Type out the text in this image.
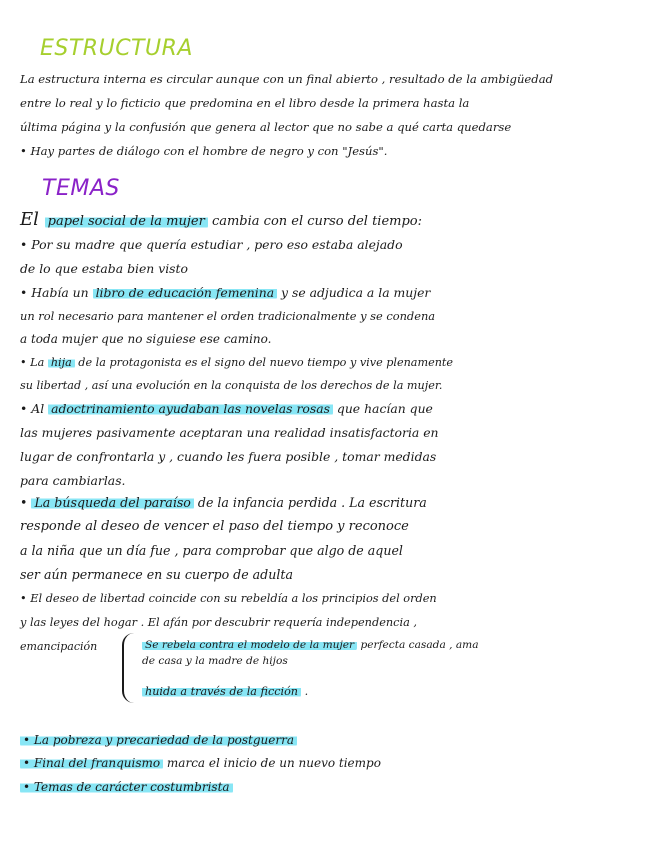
ESTRUCTURA
La estructura interna es circular aunque con un final abierto , resultado de la ambigüedad
entre lo real y lo ficticio que predomina en el libro desde la primera hasta la
última página y la confusión que genera al lector que no sabe a qué carta quedarse
• Hay partes de diálogo con el hombre de negro y con "Jesús".
TEMAS
El papel social de la mujer cambia con el curso del tiempo:
• Por su madre que quería estudiar , pero eso estaba alejado
de lo que estaba bien visto
• Había un libro de educación femenina y se adjudica a la mujer
un rol necesario para mantener el orden tradicionalmente y se condena
a toda mujer que no siguiese ese camino.
• La hija de la protagonista es el signo del nuevo tiempo y vive plenamente
su libertad , así una evolución en la conquista de los derechos de la mujer.
• Al adoctrinamiento ayudaban las novelas rosas que hacían que
las mujeres pasivamente aceptaran una realidad insatisfactoria en
lugar de confrontarla y , cuando les fuera posible , tomar medidas
para cambiarlas.
• La búsqueda del paraíso de la infancia perdida . La escritura
responde al deseo de vencer el paso del tiempo y reconoce
a la niña que un día fue , para comprobar que algo de aquel
ser aún permanece en su cuerpo de adulta
• El deseo de libertad coincide con su rebeldía a los principios del orden
y las leyes del hogar . El afán por descubrir requería independencia ,
emancipación	Se rebela contra el modelo de la mujer perfecta casada , ama
de casa y la madre de hijos
huida a través de la ficción .
• La pobreza y precariedad de la postguerra
• Final del franquismo marca el inicio de un nuevo tiempo
• Temas de carácter costumbrista
